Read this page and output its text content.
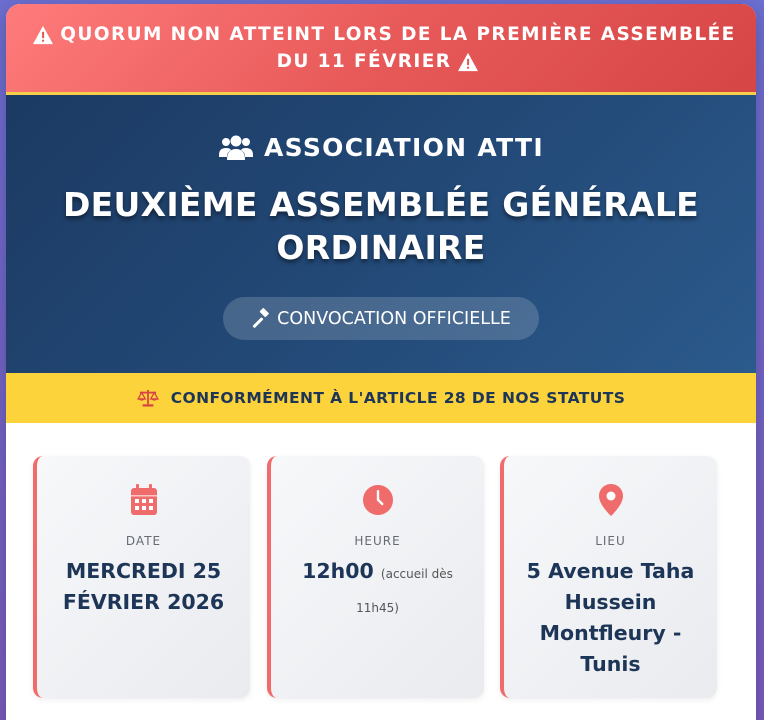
QUORUM NON ATTEINT LORS DE LA PREMIÈRE ASSEMBLÉE
DU 11 FÉVRIER
ASSOCIATION ATTI
DEUXIÈME ASSEMBLÉE GÉNÉRALE
ORDINAIRE
CONVOCATION OFFICIELLE
CONFORMÉMENT À L'ARTICLE 28 DE NOS STATUTS
DATE
MERCREDI 25 FÉVRIER 2026
HEURE
12h00 (accueil dès 11h45)
LIEU
5 Avenue Taha Hussein Montfleury - Tunis
